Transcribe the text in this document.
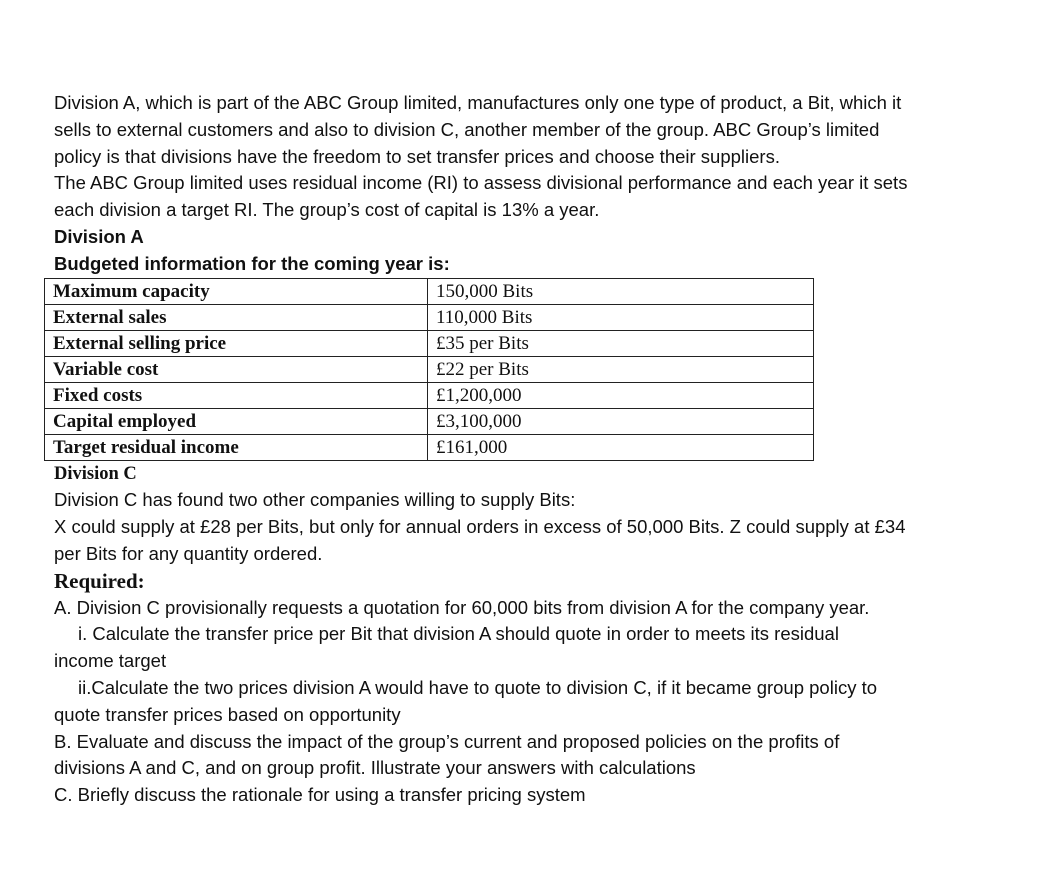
Division A, which is part of the ABC Group limited, manufactures only one type of product, a Bit, which it

sells to external customers and also to division C, another member of the group. ABC Group’s limited

policy is that divisions have the freedom to set transfer prices and choose their suppliers.

The ABC Group limited uses residual income (RI) to assess divisional performance and each year it sets

each division a target RI. The group’s cost of capital is 13% a year.

Division A

Budgeted information for the coming year is:

Maximum capacity	150,000 Bits
External sales	110,000 Bits
External selling price	£35 per Bits
Variable cost	£22 per Bits
Fixed costs	£1,200,000
Capital employed	£3,100,000
Target residual income	£161,000

Division C

Division C has found two other companies willing to supply Bits:

X could supply at £28 per Bits, but only for annual orders in excess of 50,000 Bits. Z could supply at £34

per Bits for any quantity ordered.

Required:

A. Division C provisionally requests a quotation for 60,000 bits from division A for the company year.

i. Calculate the transfer price per Bit that division A should quote in order to meets its residual

income target

ii.Calculate the two prices division A would have to quote to division C, if it became group policy to

quote transfer prices based on opportunity

B. Evaluate and discuss the impact of the group’s current and proposed policies on the profits of

divisions A and C, and on group profit. Illustrate your answers with calculations

C. Briefly discuss the rationale for using a transfer pricing system
